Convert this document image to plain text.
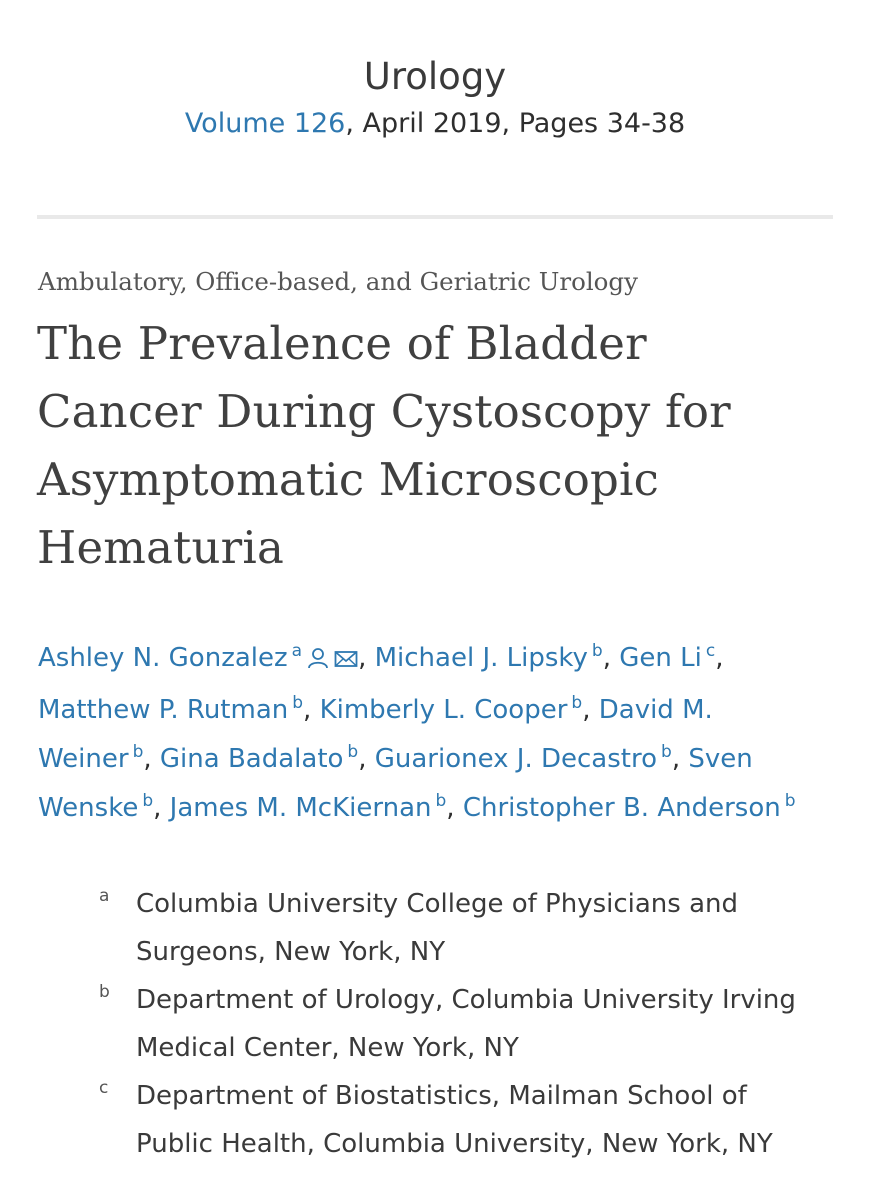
Urology
Volume 126, April 2019, Pages 34-38
Ambulatory, Office-based, and Geriatric Urology
The Prevalence of Bladder
Cancer During Cystoscopy for
Asymptomatic Microscopic
Hematuria
Ashley N. Gonzalez $^a$ , Michael J. Lipsky $^b$, Gen Li $^c$,
Matthew P. Rutman $^b$, Kimberly L. Cooper $^b$, David M.
Weiner $^b$, Gina Badalato $^b$, Guarionex J. Decastro $^b$, Sven
Wenske $^b$, James M. McKiernan $^b$, Christopher B. Anderson $^b$
a Columbia University College of Physicians and
Surgeons, New York, NY
b Department of Urology, Columbia University Irving
Medical Center, New York, NY
c Department of Biostatistics, Mailman School of
Public Health, Columbia University, New York, NY
